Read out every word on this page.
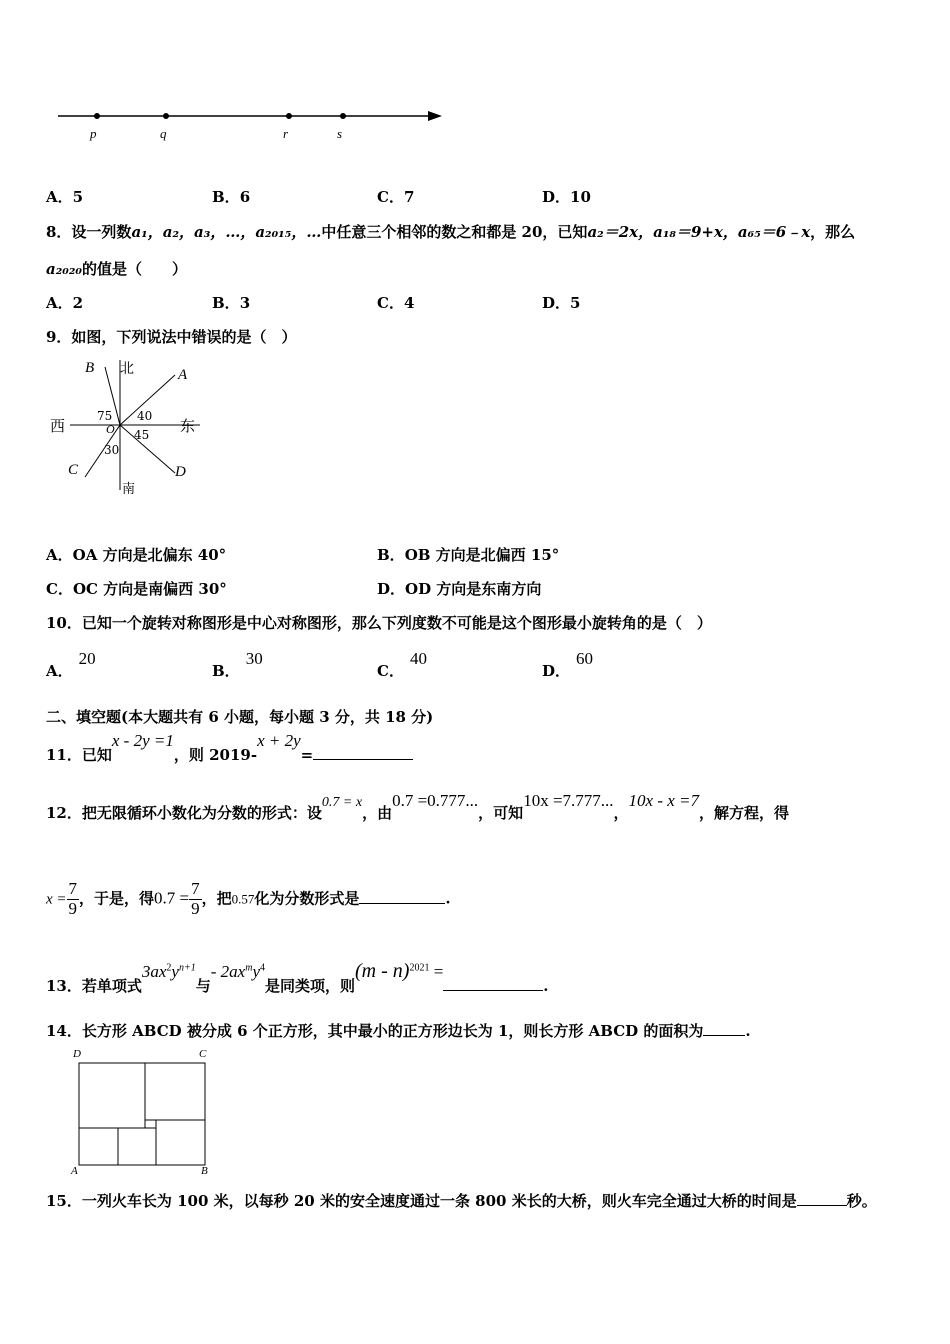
p	q	r	s
A．5	B．6	C．7	D．10
8．设一列数a₁，a₂，a₃，…，a₂₀₁₅，…中任意三个相邻的数之和都是 20，已知a₂＝2x，a₁₈＝9+x，a₆₅＝6﹣x，那么
a₂₀₂₀的值是（　　）
A．2	B．3	C．4	D．5
9．如图，下列说法中错误的是（　）
北
南
西	东
B	A
C	D
75 40
45
30
O
A．OA 方向是北偏东 40°	B．OB 方向是北偏西 15°
C．OC 方向是南偏西 30°	D．OD 方向是东南方向
10．已知一个旋转对称图形是中心对称图形，那么下列度数不可能是这个图形最小旋转角的是（　）
A．20
B．30
C．40
D．60
二、填空题(本大题共有 6 小题，每小题 3 分，共 18 分)
11．已知x - 2y =1，则 2019-x + 2y=
12．把无限循环小数化为分数的形式：设0.7 = x，由0.7 =0.777...，可知10x =7.777...，10x - x =7，解方程，得
$x = \frac{7}{9}$ ，于是，得$0.7 = \frac{7}{9}$ ，把0.57化为分数形式是	.
13．若单项式$3ax^2y^{n+1}$与- $2ax^my^4$是同类项，则(m - n)$^{2021}$ =.
14．长方形 ABCD 被分成 6 个正方形，其中最小的正方形边长为 1，则长方形 ABCD 的面积为	.
D	C
A	B
15．一列火车长为 100 米，以每秒 20 米的安全速度通过一条 800 米长的大桥，则火车完全通过大桥的时间是	秒。
